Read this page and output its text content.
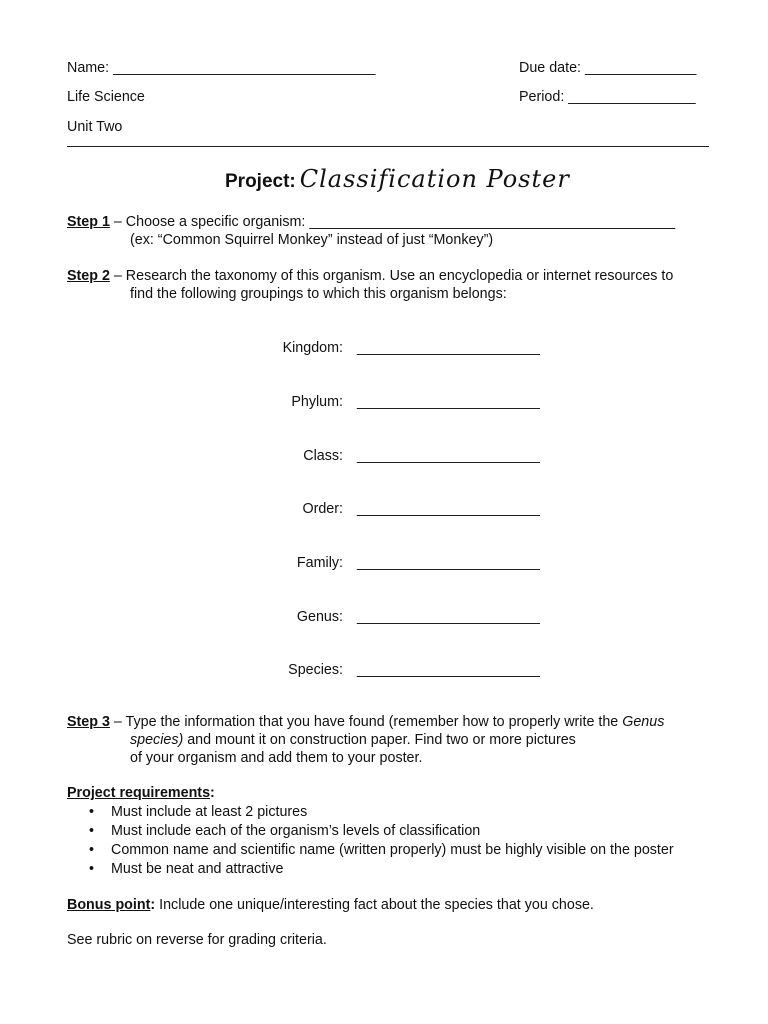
Name: _________________________________	Due date: ______________
Life Science	Period: ________________
Unit Two
Project: Classification Poster
Step 1 – Choose a specific organism: ______________________________________________
(ex: “Common Squirrel Monkey” instead of just “Monkey”)
Step 2 – Research the taxonomy of this organism. Use an encyclopedia or internet resources to
find the following groupings to which this organism belongs:
Kingdom: _______________________
Phylum: _______________________
Class: _______________________
Order: _______________________
Family: _______________________
Genus: _______________________
Species: _______________________
Step 3 – Type the information that you have found (remember how to properly write the Genus
species) and mount it on construction paper. Find two or more pictures
of your organism and add them to your poster.
Project requirements:
• Must include at least 2 pictures
• Must include each of the organism’s levels of classification
• Common name and scientific name (written properly) must be highly visible on the poster
• Must be neat and attractive
Bonus point: Include one unique/interesting fact about the species that you chose.
See rubric on reverse for grading criteria.
